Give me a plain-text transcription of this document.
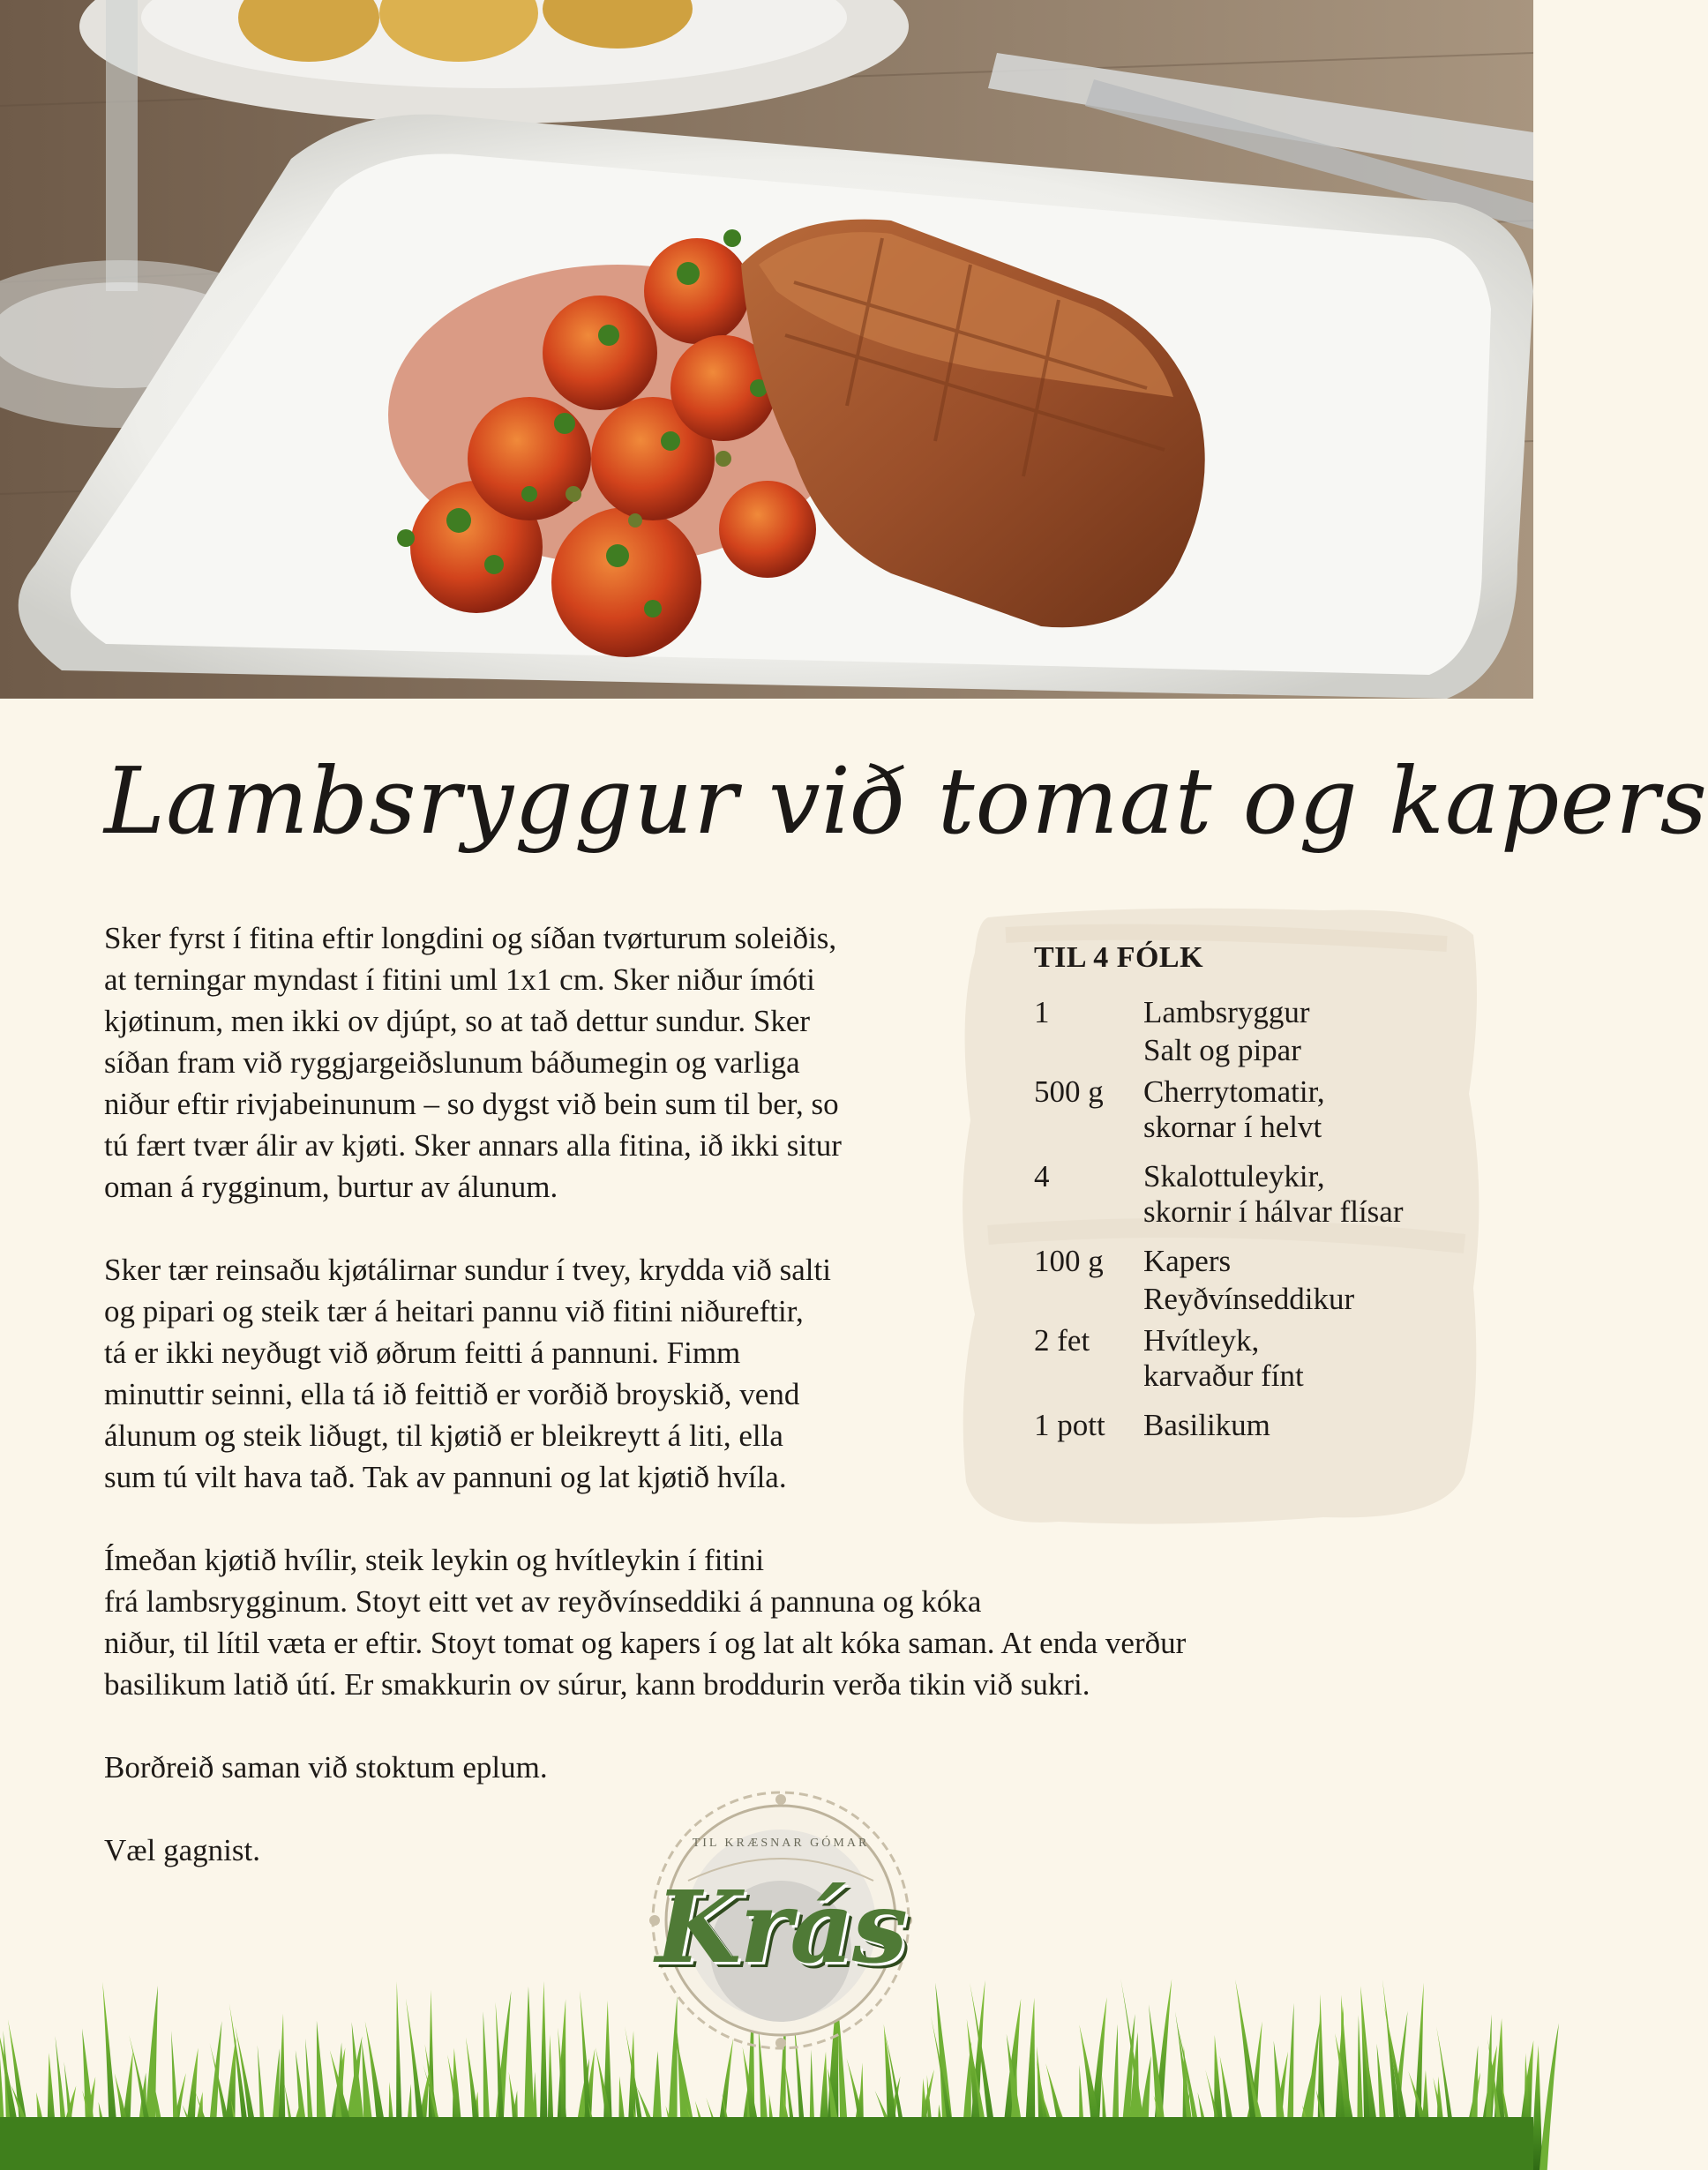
Lambsryggur við tomat og kapers
Sker fyrst í fitina eftir longdini og síðan tvørturum soleiðis,
at terningar myndast í fitini uml 1x1 cm. Sker niður ímóti
kjøtinum, men ikki ov djúpt, so at tað dettur sundur. Sker
síðan fram við ryggjargeiðslunum báðumegin og varliga
niður eftir rivjabeinunum – so dygst við bein sum til ber, so
tú fært tvær álir av kjøti. Sker annars alla fitina, ið ikki situr
oman á rygginum, burtur av álunum.
Sker tær reinsaðu kjøtálirnar sundur í tvey, krydda við salti
og pipari og steik tær á heitari pannu við fitini niðureftir,
tá er ikki neyðugt við øðrum feitti á pannuni. Fimm
minuttir seinni, ella tá ið feittið er vorðið broyskið, vend
álunum og steik liðugt, til kjøtið er bleikreytt á liti, ella
sum tú vilt hava tað. Tak av pannuni og lat kjøtið hvíla.
Ímeðan kjøtið hvílir, steik leykin og hvítleykin í fitini
frá lambsrygginum. Stoyt eitt vet av reyðvínseddiki á pannuna og kóka
niður, til lítil væta er eftir. Stoyt tomat og kapers í og lat alt kóka saman. At enda verður
basilikum latið útí. Er smakkurin ov súrur, kann broddurin verða tikin við sukri.
Borðreið saman við stoktum eplum.
Væl gagnist.
TIL 4 FÓLK
1	Lambsryggur
Salt og pipar
500 g	Cherrytomatir,
skornar í helvt
4	Skalottuleykir,
skornir í hálvar flísar
100 g	Kapers
Reyðvínseddikur
2 fet	Hvítleyk,
karvaður fínt
1 pott	Basilikum
TIL KRÆSNAR GÓMAR
Krás
